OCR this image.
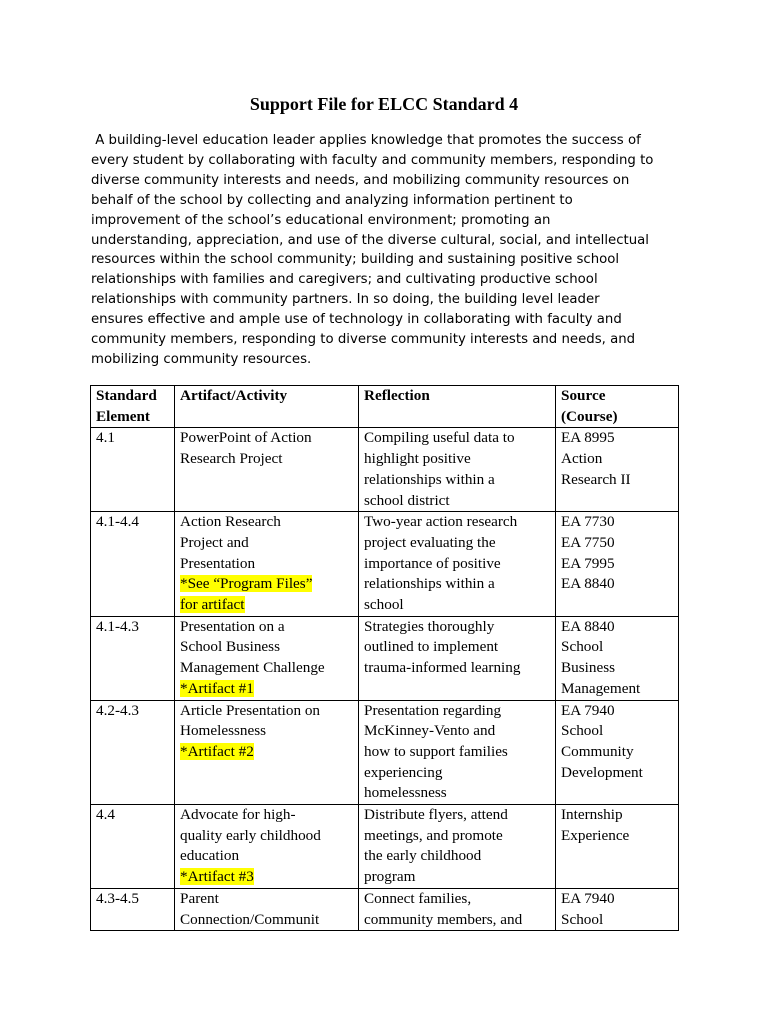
Support File for ELCC Standard 4
A building-level education leader applies knowledge that promotes the success of
every student by collaborating with faculty and community members, responding to
diverse community interests and needs, and mobilizing community resources on
behalf of the school by collecting and analyzing information pertinent to
improvement of the school’s educational environment; promoting an
understanding, appreciation, and use of the diverse cultural, social, and intellectual
resources within the school community; building and sustaining positive school
relationships with families and caregivers; and cultivating productive school
relationships with community partners. In so doing, the building level leader
ensures effective and ample use of technology in collaborating with faculty and
community members, responding to diverse community interests and needs, and
mobilizing community resources.
Standard
Element	Artifact/Activity	Reflection	Source
(Course)

4.1	PowerPoint of Action
Research Project	Compiling useful data to
highlight positive
relationships within a
school district	EA 8995
Action
Research II

4.1-4.4	Action Research
Project and
Presentation
*See “Program Files”
for artifact	Two-year action research
project evaluating the
importance of positive
relationships within a
school	EA 7730
EA 7750
EA 7995
EA 8840

4.1-4.3	Presentation on a
School Business
Management Challenge
*Artifact #1	Strategies thoroughly
outlined to implement
trauma-informed learning	EA 8840
School
Business
Management

4.2-4.3	Article Presentation on
Homelessness
*Artifact #2	Presentation regarding
McKinney-Vento and
how to support families
experiencing
homelessness	EA 7940
School
Community
Development

4.4	Advocate for high-
quality early childhood
education
*Artifact #3	Distribute flyers, attend
meetings, and promote
the early childhood
program	Internship
Experience

4.3-4.5	Parent
Connection/Communit	Connect families,
community members, and	EA 7940
School
